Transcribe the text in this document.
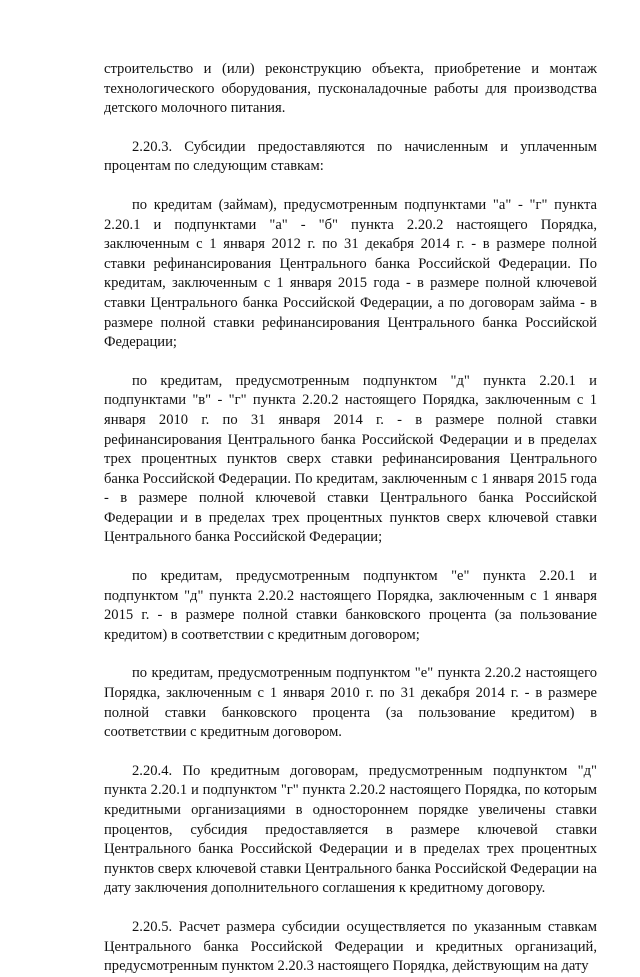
строительство и (или) реконструкцию объекта, приобретение и монтаж технологического оборудования, пусконаладочные работы для производства детского молочного питания.

2.20.3. Субсидии предоставляются по начисленным и уплаченным процентам по следующим ставкам:

по кредитам (займам), предусмотренным подпунктами "а" - "г" пункта 2.20.1 и подпунктами "а" - "б" пункта 2.20.2 настоящего Порядка, заключенным с 1 января 2012 г. по 31 декабря 2014 г. - в размере полной ставки рефинансирования Центрального банка Российской Федерации. По кредитам, заключенным с 1 января 2015 года - в размере полной ключевой ставки Центрального банка Российской Федерации, а по договорам займа - в размере полной ставки рефинансирования Центрального банка Российской Федерации;

по кредитам, предусмотренным подпунктом "д" пункта 2.20.1 и подпунктами "в" - "г" пункта 2.20.2 настоящего Порядка, заключенным с 1 января 2010 г. по 31 января 2014 г. - в размере полной ставки рефинансирования Центрального банка Российской Федерации и в пределах трех процентных пунктов сверх ставки рефинансирования Центрального банка Российской Федерации. По кредитам, заключенным с 1 января 2015 года - в размере полной ключевой ставки Центрального банка Российской Федерации и в пределах трех процентных пунктов сверх ключевой ставки Центрального банка Российской Федерации;

по кредитам, предусмотренным подпунктом "е" пункта 2.20.1 и подпунктом "д" пункта 2.20.2 настоящего Порядка, заключенным с 1 января 2015 г. - в размере полной ставки банковского процента (за пользование кредитом) в соответствии с кредитным договором;

по кредитам, предусмотренным подпунктом "е" пункта 2.20.2 настоящего Порядка, заключенным с 1 января 2010 г. по 31 декабря 2014 г. - в размере полной ставки банковского процента (за пользование кредитом) в соответствии с кредитным договором.

2.20.4. По кредитным договорам, предусмотренным подпунктом "д" пункта 2.20.1 и подпунктом "г" пункта 2.20.2 настоящего Порядка, по которым кредитными организациями в одностороннем порядке увеличены ставки процентов, субсидия предоставляется в размере ключевой ставки Центрального банка Российской Федерации и в пределах трех процентных пунктов сверх ключевой ставки Центрального банка Российской Федерации на дату заключения дополнительного соглашения к кредитному договору.

2.20.5. Расчет размера субсидии осуществляется по указанным ставкам Центрального банка Российской Федерации и кредитных организаций, предусмотренным пунктом 2.20.3 настоящего Порядка, действующим на дату
